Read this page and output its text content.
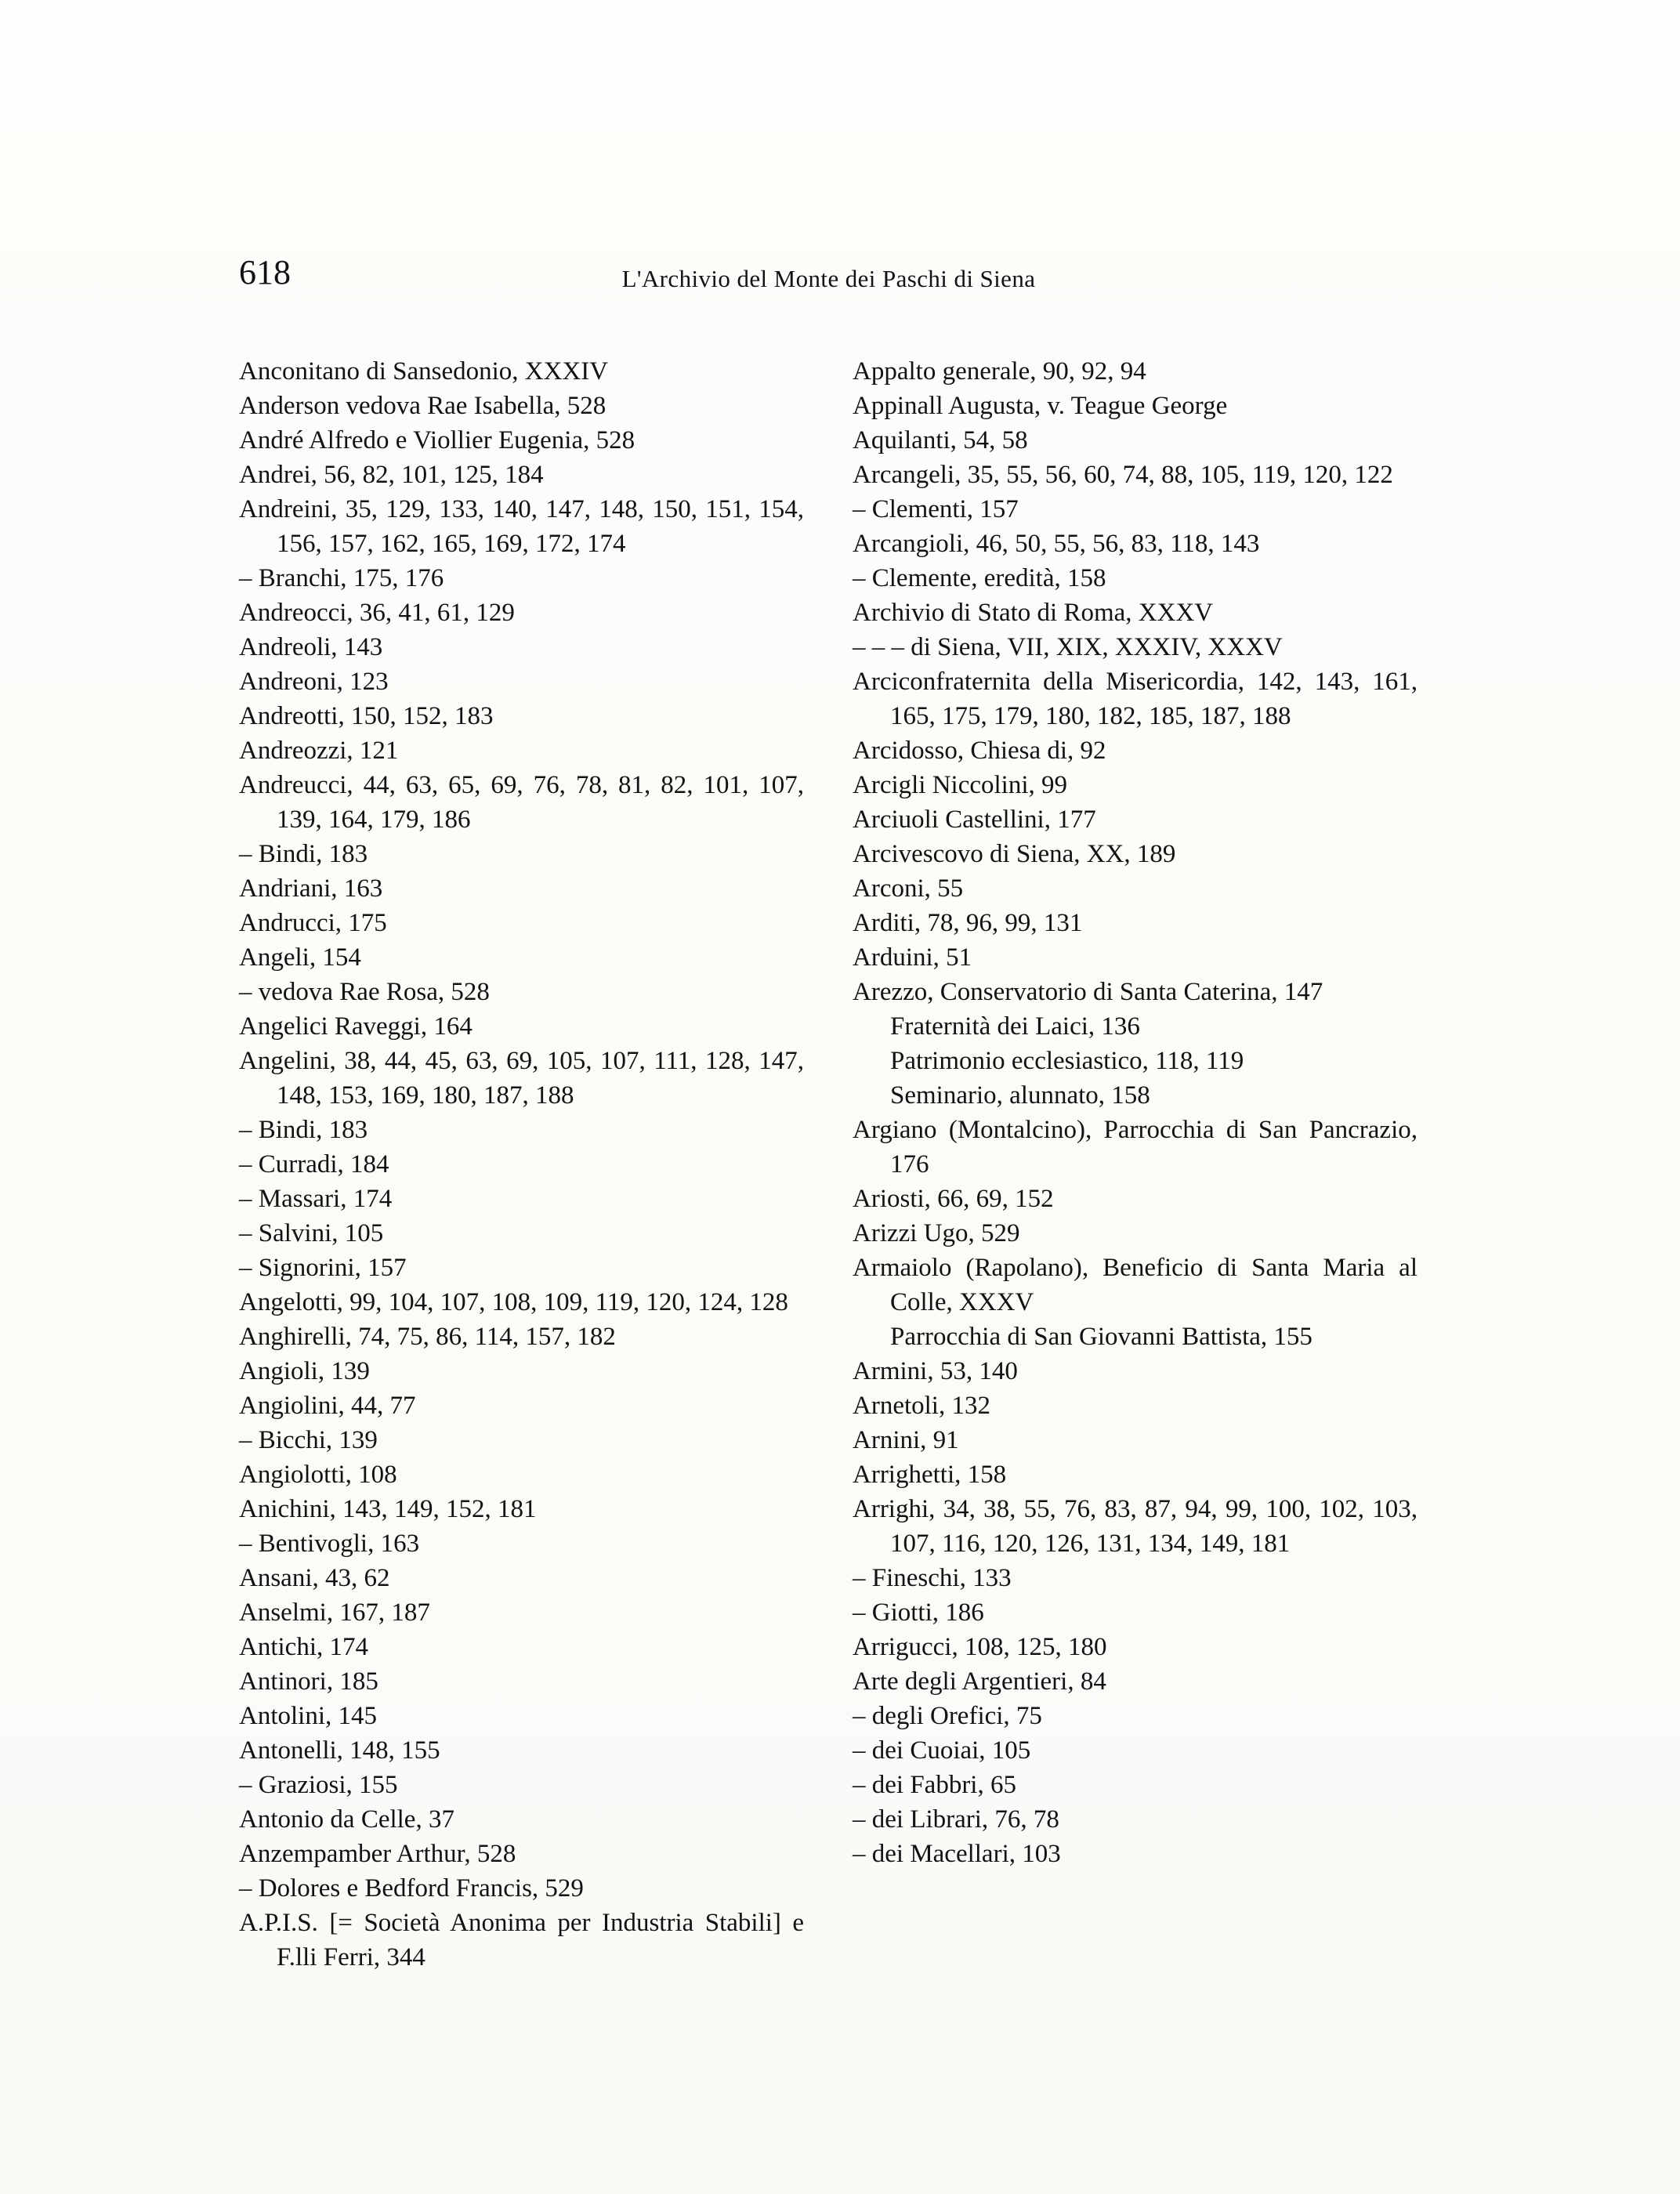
618	L'Archivio del Monte dei Paschi di Siena
Anconitano di Sansedonio, XXXIV
Anderson vedova Rae Isabella, 528
André Alfredo e Viollier Eugenia, 528
Andrei, 56, 82, 101, 125, 184
Andreini, 35, 129, 133, 140, 147, 148, 150, 151, 154, 156, 157, 162, 165, 169, 172, 174
– Branchi, 175, 176
Andreocci, 36, 41, 61, 129
Andreoli, 143
Andreoni, 123
Andreotti, 150, 152, 183
Andreozzi, 121
Andreucci, 44, 63, 65, 69, 76, 78, 81, 82, 101, 107, 139, 164, 179, 186
– Bindi, 183
Andriani, 163
Andrucci, 175
Angeli, 154
– vedova Rae Rosa, 528
Angelici Raveggi, 164
Angelini, 38, 44, 45, 63, 69, 105, 107, 111, 128, 147, 148, 153, 169, 180, 187, 188
– Bindi, 183
– Curradi, 184
– Massari, 174
– Salvini, 105
– Signorini, 157
Angelotti, 99, 104, 107, 108, 109, 119, 120, 124, 128
Anghirelli, 74, 75, 86, 114, 157, 182
Angioli, 139
Angiolini, 44, 77
– Bicchi, 139
Angiolotti, 108
Anichini, 143, 149, 152, 181
– Bentivogli, 163
Ansani, 43, 62
Anselmi, 167, 187
Antichi, 174
Antinori, 185
Antolini, 145
Antonelli, 148, 155
– Graziosi, 155
Antonio da Celle, 37
Anzempamber Arthur, 528
– Dolores e Bedford Francis, 529
A.P.I.S. [= Società Anonima per Industria Stabili] e F.lli Ferri, 344
Appalto generale, 90, 92, 94
Appinall Augusta, v. Teague George
Aquilanti, 54, 58
Arcangeli, 35, 55, 56, 60, 74, 88, 105, 119, 120, 122
– Clementi, 157
Arcangioli, 46, 50, 55, 56, 83, 118, 143
– Clemente, eredità, 158
Archivio di Stato di Roma, XXXV
– – – di Siena, VII, XIX, XXXIV, XXXV
Arciconfraternita della Misericordia, 142, 143, 161, 165, 175, 179, 180, 182, 185, 187, 188
Arcidosso, Chiesa di, 92
Arcigli Niccolini, 99
Arciuoli Castellini, 177
Arcivescovo di Siena, XX, 189
Arconi, 55
Arditi, 78, 96, 99, 131
Arduini, 51
Arezzo, Conservatorio di Santa Caterina, 147
Fraternità dei Laici, 136
Patrimonio ecclesiastico, 118, 119
Seminario, alunnato, 158
Argiano (Montalcino), Parrocchia di San Pancrazio, 176
Ariosti, 66, 69, 152
Arizzi Ugo, 529
Armaiolo (Rapolano), Beneficio di Santa Maria al Colle, XXXV
Parrocchia di San Giovanni Battista, 155
Armini, 53, 140
Arnetoli, 132
Arnini, 91
Arrighetti, 158
Arrighi, 34, 38, 55, 76, 83, 87, 94, 99, 100, 102, 103, 107, 116, 120, 126, 131, 134, 149, 181
– Fineschi, 133
– Giotti, 186
Arrigucci, 108, 125, 180
Arte degli Argentieri, 84
– degli Orefici, 75
– dei Cuoiai, 105
– dei Fabbri, 65
– dei Librari, 76, 78
– dei Macellari, 103
